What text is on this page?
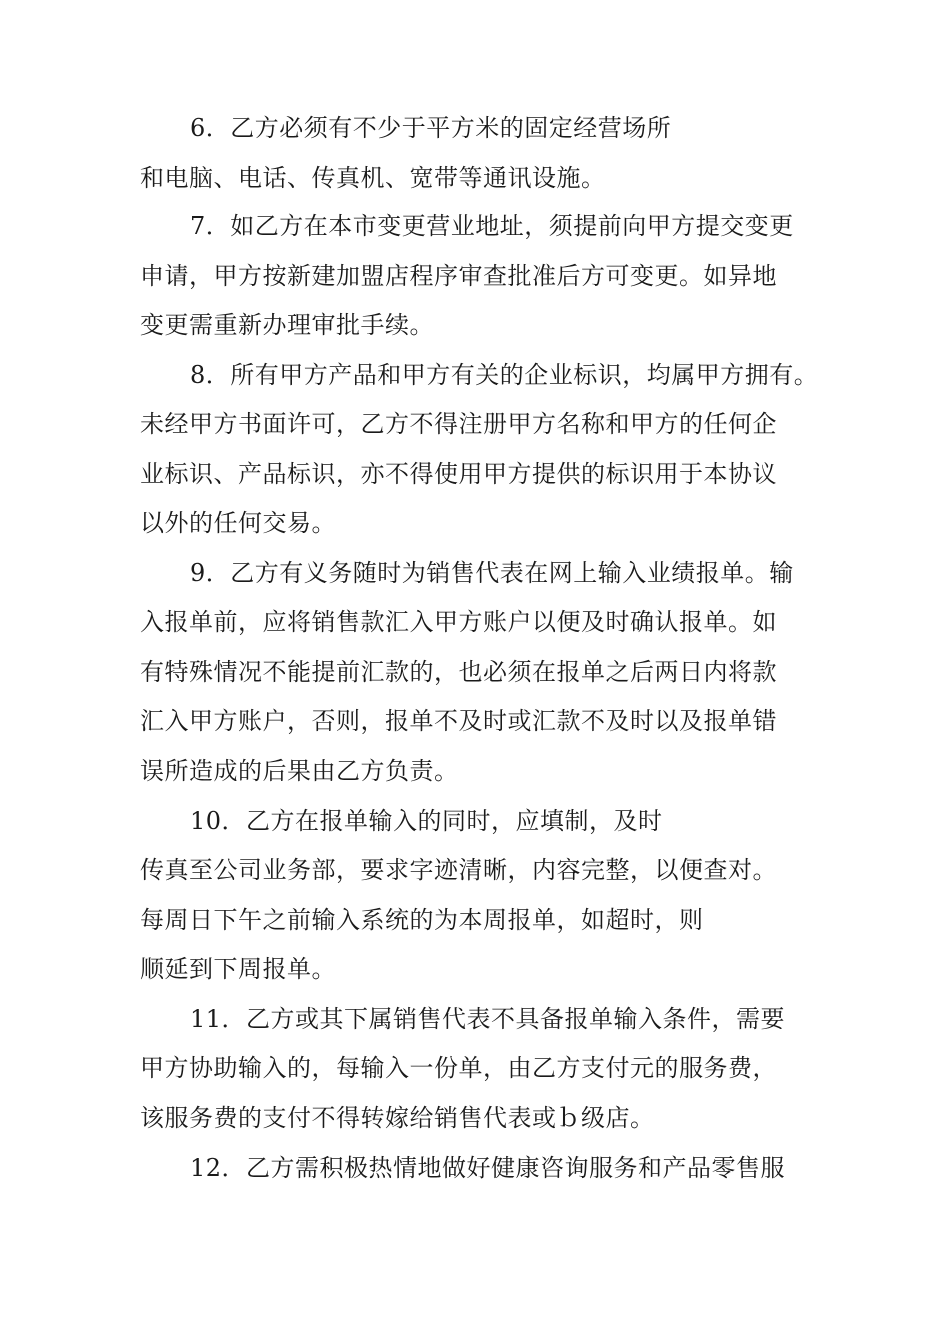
6．乙方必须有不少于平方米的固定经营场所
和电脑、电话、传真机、宽带等通讯设施。
7．如乙方在本市变更营业地址，须提前向甲方提交变更
申请，甲方按新建加盟店程序审查批准后方可变更。如异地
变更需重新办理审批手续。
8．所有甲方产品和甲方有关的企业标识，均属甲方拥有。
未经甲方书面许可，乙方不得注册甲方名称和甲方的任何企
业标识、产品标识，亦不得使用甲方提供的标识用于本协议
以外的任何交易。
9．乙方有义务随时为销售代表在网上输入业绩报单。输
入报单前，应将销售款汇入甲方账户以便及时确认报单。如
有特殊情况不能提前汇款的，也必须在报单之后两日内将款
汇入甲方账户，否则，报单不及时或汇款不及时以及报单错
误所造成的后果由乙方负责。
10．乙方在报单输入的同时，应填制，及时
传真至公司业务部，要求字迹清晰，内容完整，以便查对。
每周日下午之前输入系统的为本周报单，如超时，则
顺延到下周报单。
11．乙方或其下属销售代表不具备报单输入条件，需要
甲方协助输入的，每输入一份单，由乙方支付元的服务费，
该服务费的支付不得转嫁给销售代表或ｂ级店。
12．乙方需积极热情地做好健康咨询服务和产品零售服
